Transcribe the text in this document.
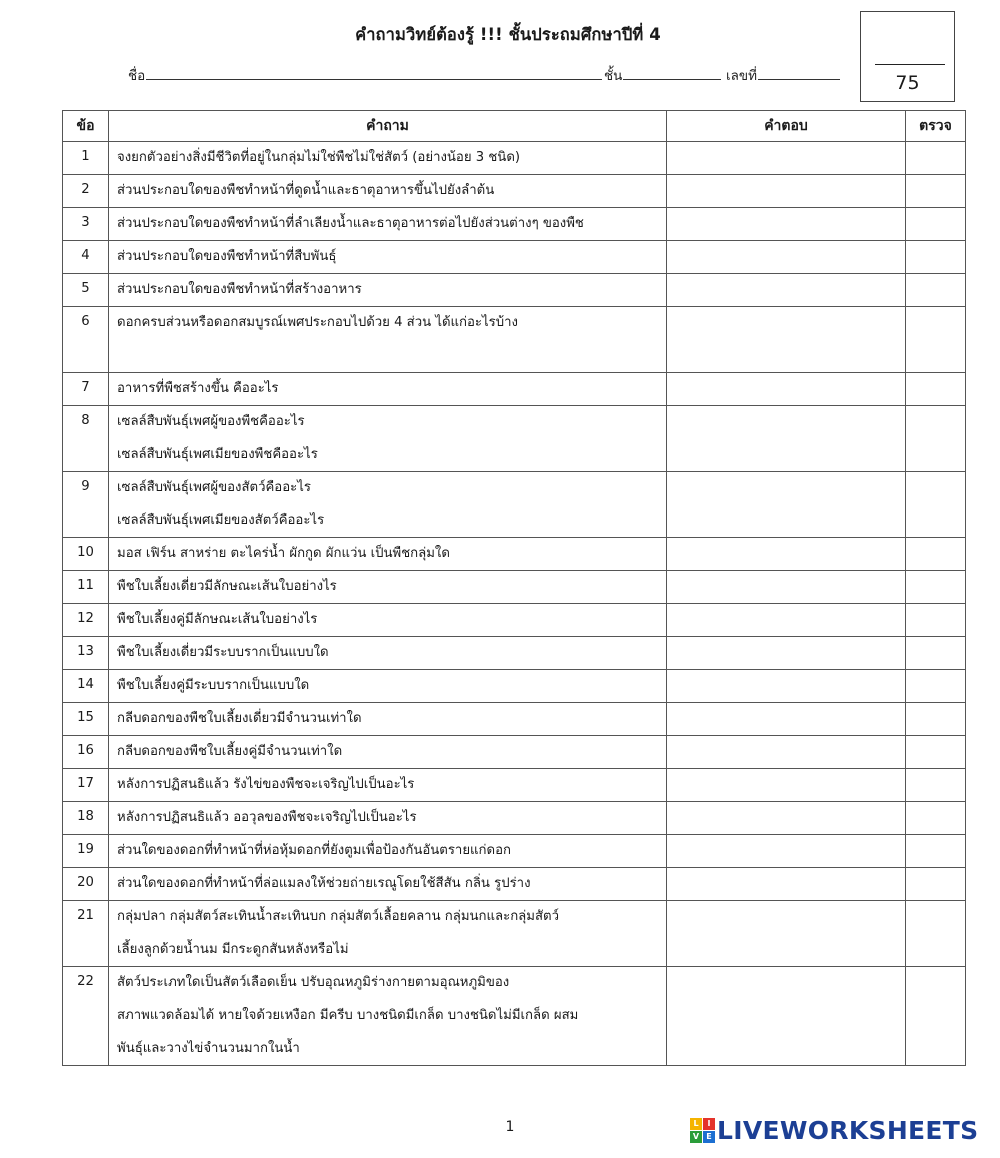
คำถามวิทย์ต้องรู้ !!! ชั้นประถมศึกษาปีที่ 4
ชื่อ	ชั้น	เลขที่	75
ข้อ	คำถาม	คำตอบ	ตรวจ
1	จงยกตัวอย่างสิ่งมีชีวิตที่อยู่ในกลุ่มไม่ใช่พืชไม่ใช่สัตว์ (อย่างน้อย 3 ชนิด)		

2	ส่วนประกอบใดของพืชทำหน้าที่ดูดน้ำและธาตุอาหารขึ้นไปยังลำต้น		

3	ส่วนประกอบใดของพืชทำหน้าที่ลำเลียงน้ำและธาตุอาหารต่อไปยังส่วนต่างๆ ของพืช		

4	ส่วนประกอบใดของพืชทำหน้าที่สืบพันธุ์		

5	ส่วนประกอบใดของพืชทำหน้าที่สร้างอาหาร		

6	ดอกครบส่วนหรือดอกสมบูรณ์เพศประกอบไปด้วย 4 ส่วน ได้แก่อะไรบ้าง		

7	อาหารที่พืชสร้างขึ้น คืออะไร		

8	เซลล์สืบพันธุ์เพศผู้ของพืชคืออะไร
เซลล์สืบพันธุ์เพศเมียของพืชคืออะไร		

9	เซลล์สืบพันธุ์เพศผู้ของสัตว์คืออะไร
เซลล์สืบพันธุ์เพศเมียของสัตว์คืออะไร		

10	มอส เฟิร์น สาหร่าย ตะไคร่น้ำ ผักกูด ผักแว่น เป็นพืชกลุ่มใด		

11	พืชใบเลี้ยงเดี่ยวมีลักษณะเส้นใบอย่างไร		

12	พืชใบเลี้ยงคู่มีลักษณะเส้นใบอย่างไร		

13	พืชใบเลี้ยงเดี่ยวมีระบบรากเป็นแบบใด		

14	พืชใบเลี้ยงคู่มีระบบรากเป็นแบบใด		

15	กลีบดอกของพืชใบเลี้ยงเดี่ยวมีจำนวนเท่าใด		

16	กลีบดอกของพืชใบเลี้ยงคู่มีจำนวนเท่าใด		

17	หลังการปฏิสนธิแล้ว รังไข่ของพืชจะเจริญไปเป็นอะไร		

18	หลังการปฏิสนธิแล้ว ออวุลของพืชจะเจริญไปเป็นอะไร		

19	ส่วนใดของดอกที่ทำหน้าที่ห่อหุ้มดอกที่ยังตูมเพื่อป้องกันอันตรายแก่ดอก		

20	ส่วนใดของดอกที่ทำหน้าที่ล่อแมลงให้ช่วยถ่ายเรณูโดยใช้สีสัน กลิ่น รูปร่าง		

21	กลุ่มปลา กลุ่มสัตว์สะเทินน้ำสะเทินบก กลุ่มสัตว์เลื้อยคลาน กลุ่มนกและกลุ่มสัตว์
เลี้ยงลูกด้วยน้ำนม มีกระดูกสันหลังหรือไม่		

22	สัตว์ประเภทใดเป็นสัตว์เลือดเย็น ปรับอุณหภูมิร่างกายตามอุณหภูมิของ
สภาพแวดล้อมได้ หายใจด้วยเหงือก มีครีบ บางชนิดมีเกล็ด บางชนิดไม่มีเกล็ด ผสม
พันธุ์และวางไข่จำนวนมากในน้ำ		

1	L	I
V E LIVEWORKSHEETS
